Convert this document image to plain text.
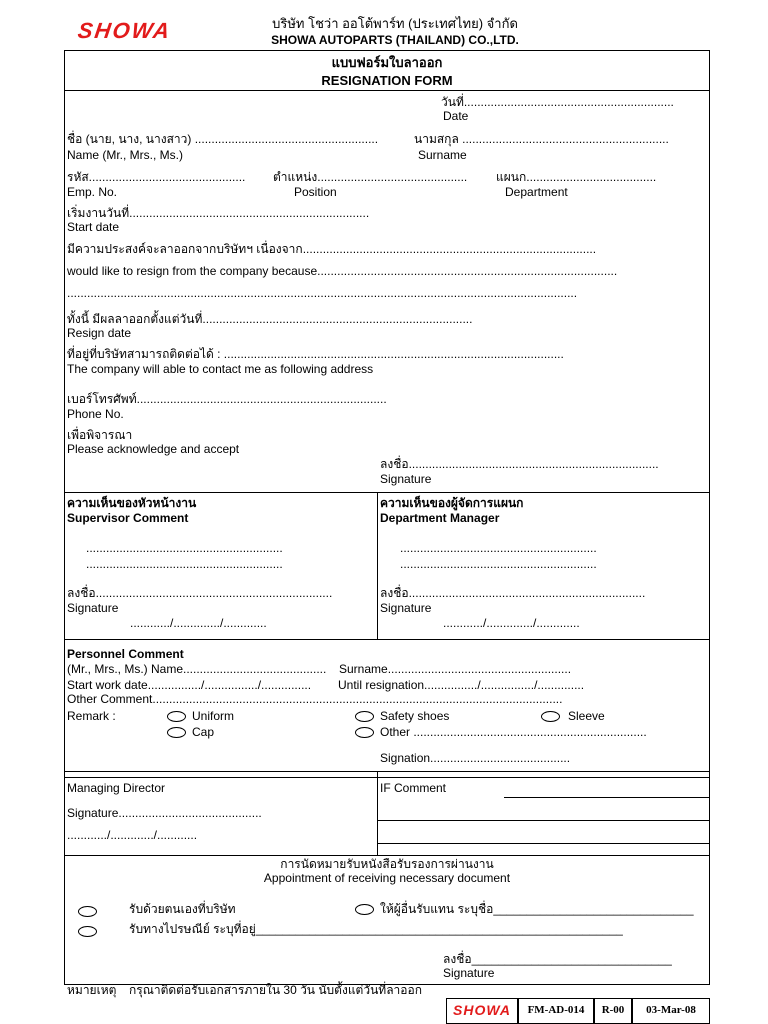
SHOWA	บริษัท โชว่า ออโต้พาร์ท (ประเทศไทย) จำกัด
SHOWA AUTOPARTS (THAILAND) CO.,LTD.
แบบฟอร์มใบลาออก
RESIGNATION FORM
วันที่...............................................................
Date
ชื่อ (นาย, นาง, นางสาว) .......................................................	นามสกุล ..............................................................
Name (Mr., Mrs., Ms.)	Surname
รหัส............................................... ตำแหน่ง............................................. แผนก.......................................
Emp. No.	Position	Department
เริ่มงานวันที่........................................................................
Start date
มีความประสงค์จะลาออกจากบริษัทฯ เนื่องจาก........................................................................................
would like to resign from the company because..........................................................................................
.........................................................................................................................................................
ทั้งนี้ มีผลลาออกตั้งแต่วันที่.................................................................................
Resign date
ที่อยู่ที่บริษัทสามารถติดต่อได้ : ......................................................................................................
The company will able to contact me as following address
เบอร์โทรศัพท์...........................................................................
Phone No.
เพื่อพิจารณา
Please acknowledge and accept
ลงชื่อ...........................................................................
Signature
ความเห็นของหัวหน้างาน
Supervisor Comment
...........................................................
...........................................................
ลงชื่อ.......................................................................
Signature
............/............../.............
ความเห็นของผู้จัดการแผนก
Department Manager
...........................................................
...........................................................
ลงชื่อ.......................................................................
Signature
............/............../.............
Personnel Comment
(Mr., Mrs., Ms.) Name........................................... Surname.......................................................
Start work date................/................/............... Until resignation................/................/..............
Other Comment...........................................................................................................................
Remark :	Uniform
Cap
Safety shoes
Other ......................................................................
Sleeve
Signation..........................................
Managing Director	IF Comment
Signature...........................................
............/............./............
การนัดหมายรับหนังสือรับรองการผ่านงาน
Appointment of receiving necessary document
รับด้วยตนเองที่บริษัท	ให้ผู้อื่นรับแทน ระบุชื่อ______________________________
รับทางไปรษณีย์ ระบุที่อยู่_______________________________________________________
ลงชื่อ______________________________
Signature
หมายเหตุ กรุณาติดต่อรับเอกสารภายใน 30 วัน นับตั้งแต่วันที่ลาออก
SHOWA	FM-AD-014	R-00	03-Mar-08
